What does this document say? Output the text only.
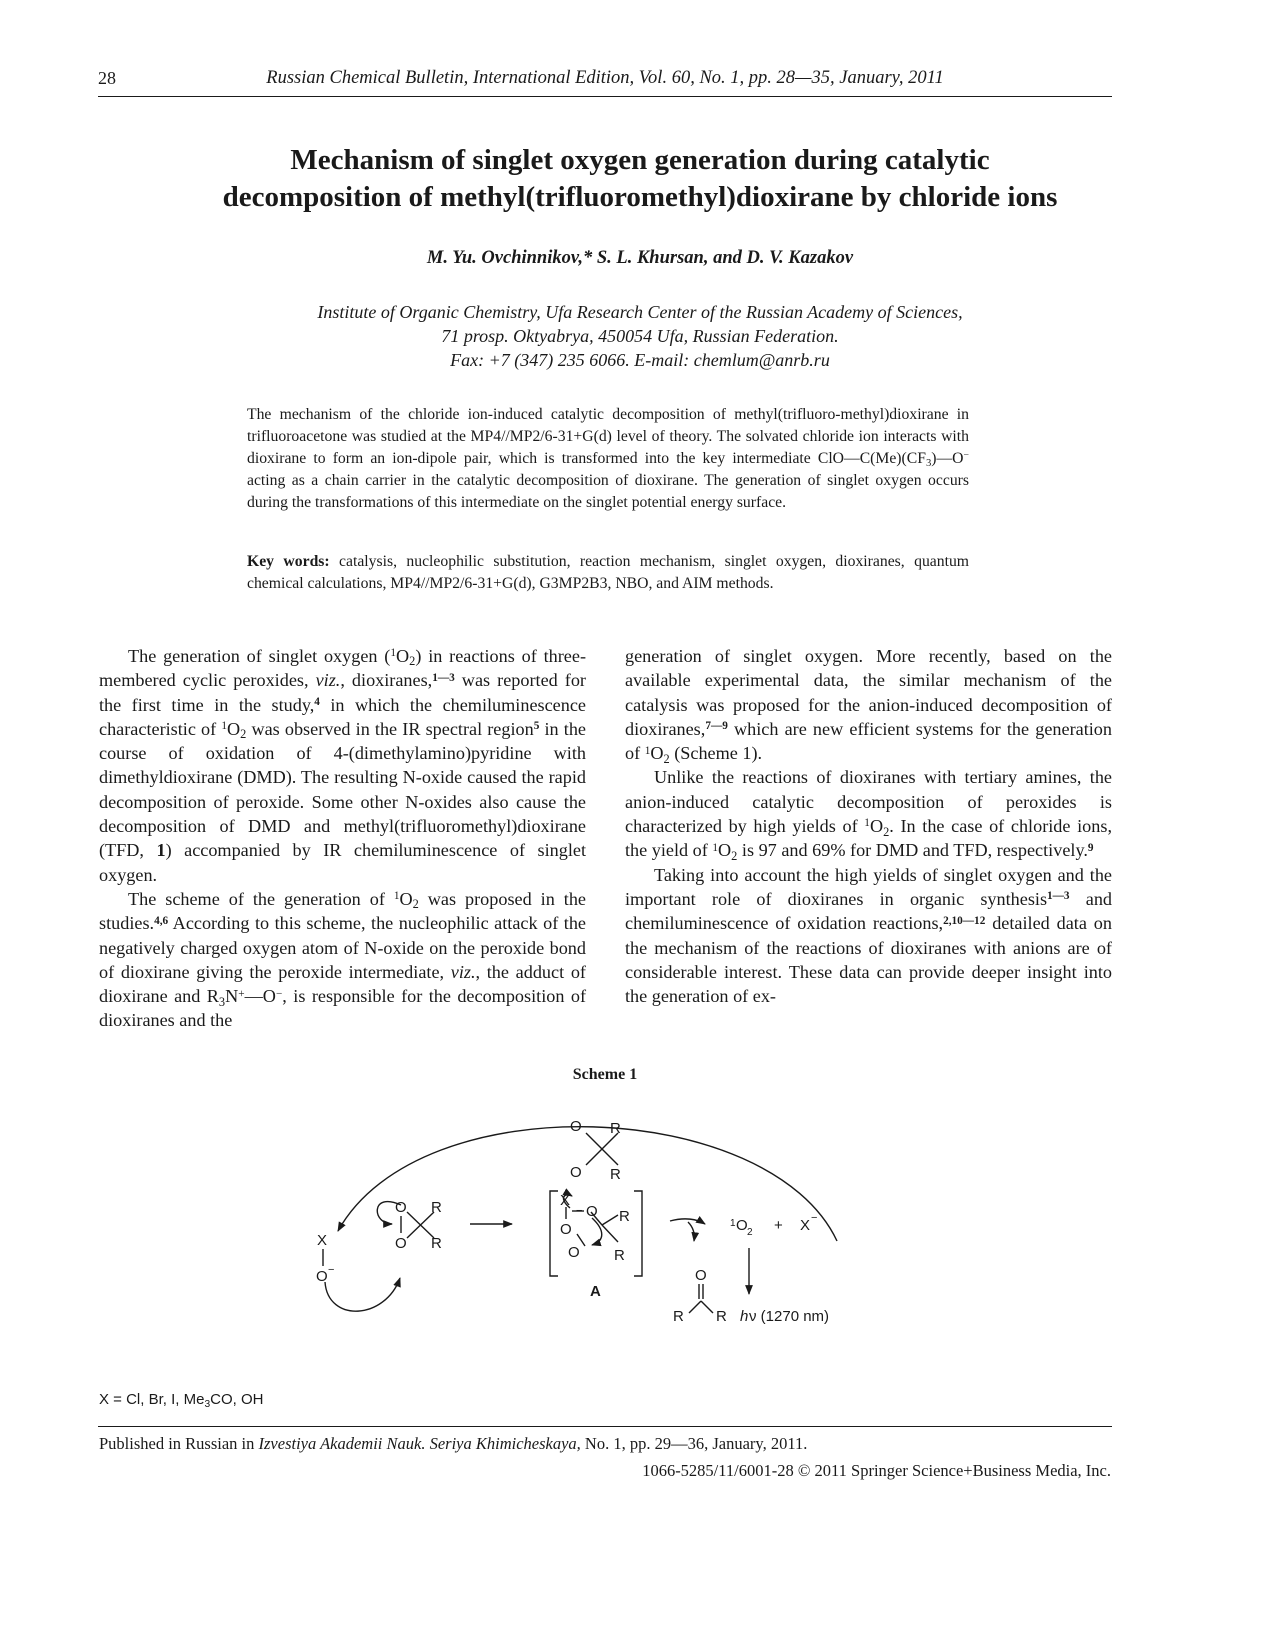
28	Russian Chemical Bulletin, International Edition, Vol. 60, No. 1, pp. 28—35, January, 2011
Mechanism of singlet oxygen generation during catalytic
decomposition of methyl(trifluoromethyl)dioxirane by chloride ions
M. Yu. Ovchinnikov,* S. L. Khursan, and D. V. Kazakov
Institute of Organic Chemistry, Ufa Research Center of the Russian Academy of Sciences,
71 prosp. Oktyabrya, 450054 Ufa, Russian Federation.
Fax: +7 (347) 235 6066. E-mail: chemlum@anrb.ru
The mechanism of the chloride ion-induced catalytic decomposition of methyl(trifluoro-methyl)dioxirane in trifluoroacetone was studied at the MP4//MP2/6-31+G(d) level of theory. The solvated chloride ion interacts with dioxirane to form an ion-dipole pair, which is transformed into the key intermediate $ClO—C(Me)(CF_3)—O^-$ acting as a chain carrier in the catalytic decomposition of dioxirane. The generation of singlet oxygen occurs during the transformations of this intermediate on the singlet potential energy surface.
Key words: catalysis, nucleophilic substitution, reaction mechanism, singlet oxygen, dioxiranes, quantum chemical calculations, MP4//MP2/6-31+G(d), G3MP2B3, NBO, and AIM methods.

The generation of singlet oxygen $(^1O_2)$ in reactions of three-membered cyclic peroxides, viz., dioxiranes,$^{1—3}$ was reported for the first time in the study,$^4$ in which the chemiluminescence characteristic of $^1O_2$ was observed in the IR spectral region$^5$ in the course of oxidation of 4-(dimethylamino)pyridine with dimethyldioxirane (DMD). The resulting N-oxide caused the rapid decomposition of peroxide. Some other N-oxides also cause the decomposition of DMD and methyl(trifluoromethyl)dioxirane (TFD, 1) accompanied by IR chemiluminescence of singlet oxygen.

The scheme of the generation of $^1O_2$ was proposed in the studies.$^{4,6}$ According to this scheme, the nucleophilic attack of the negatively charged oxygen atom of N-oxide on the peroxide bond of dioxirane giving the peroxide intermediate, viz., the adduct of dioxirane and $R_3N^+—O^-$, is responsible for the decomposition of dioxiranes and the

generation of singlet oxygen. More recently, based on the available experimental data, the similar mechanism of the catalysis was proposed for the anion-induced decomposition of dioxiranes,$^{7—9}$ which are new efficient systems for the generation of $^1O_2$ (Scheme 1).

Unlike the reactions of dioxiranes with tertiary amines, the anion-induced catalytic decomposition of peroxides is characterized by high yields of $^1O_2$. In the case of chloride ions, the yield of $^1O_2$ is 97 and 69% for DMD and TFD, respectively.$^9$

Taking into account the high yields of singlet oxygen and the important role of dioxiranes in organic synthesis$^{1—3}$ and chemiluminescence of oxidation reactions,$^{2,10—12}$ detailed data on the mechanism of the reactions of dioxiranes with anions are of considerable interest. These data can provide deeper insight into the generation of ex-

Scheme 1
O
O
R
R
X
O −
O
O
R
R
X
O
O
−
O
R
R
A
1 O 2 + X −
O
R R h ν (1270 nm)
X = Cl, Br, I, $Me_3CO$, OH
Published in Russian in Izvestiya Akademii Nauk. Seriya Khimicheskaya, No. 1, pp. 29—36, January, 2011.
1066-5285/11/6001-28 © 2011 Springer Science+Business Media, Inc.
